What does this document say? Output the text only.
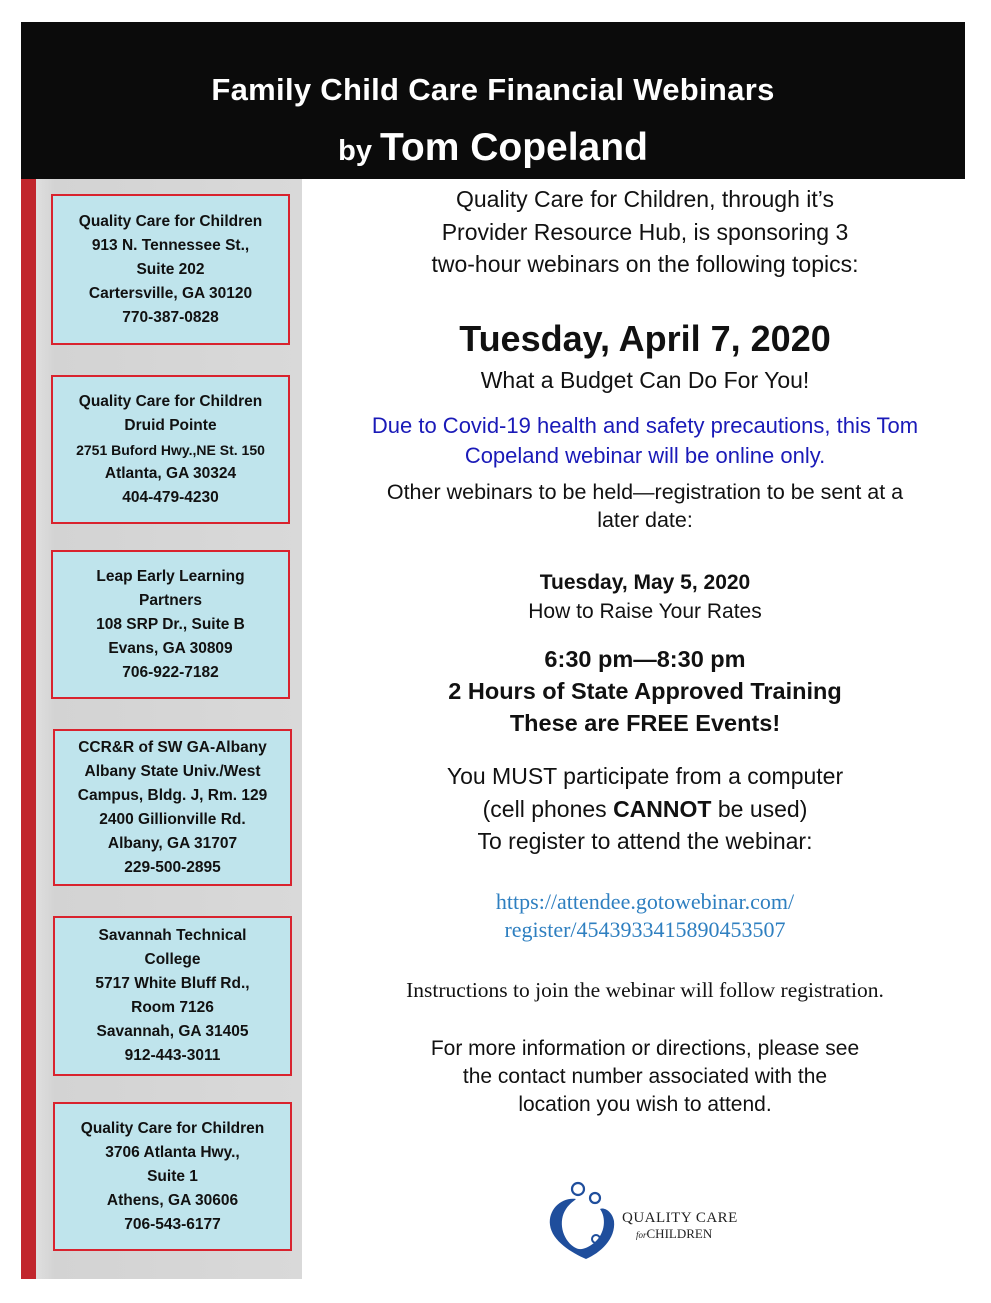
Family Child Care Financial Webinars
by Tom Copeland
Quality Care for Children
913 N. Tennessee St.,
Suite 202
Cartersville, GA 30120
770-387-0828
Quality Care for Children
Druid Pointe
2751 Buford Hwy.,NE St. 150
Atlanta, GA 30324
404-479-4230
Leap Early Learning
Partners
108 SRP Dr., Suite B
Evans, GA 30809
706-922-7182
CCR&R of SW GA-Albany
Albany State Univ./West
Campus, Bldg. J, Rm. 129
2400 Gillionville Rd.
Albany, GA 31707
229-500-2895
Savannah Technical
College
5717 White Bluff Rd.,
Room 7126
Savannah, GA 31405
912-443-3011
Quality Care for Children
3706 Atlanta Hwy.,
Suite 1
Athens, GA 30606
706-543-6177
Quality Care for Children, through it’s
Provider Resource Hub, is sponsoring 3
two-hour webinars on the following topics:
Tuesday, April 7, 2020
What a Budget Can Do For You!
Due to Covid-19 health and safety precautions, this Tom
Copeland webinar will be online only.
Other webinars to be held—registration to be sent at a
later date:
Tuesday, May 5, 2020
How to Raise Your Rates
6:30 pm—8:30 pm
2 Hours of State Approved Training
These are FREE Events!
You MUST participate from a computer
(cell phones CANNOT be used)
To register to attend the webinar:
https://attendee.gotowebinar.com/
register/4543933415890453507
Instructions to join the webinar will follow registration.
For more information or directions, please see
the contact number associated with the
location you wish to attend.
QUALITY CARE
forCHILDREN
